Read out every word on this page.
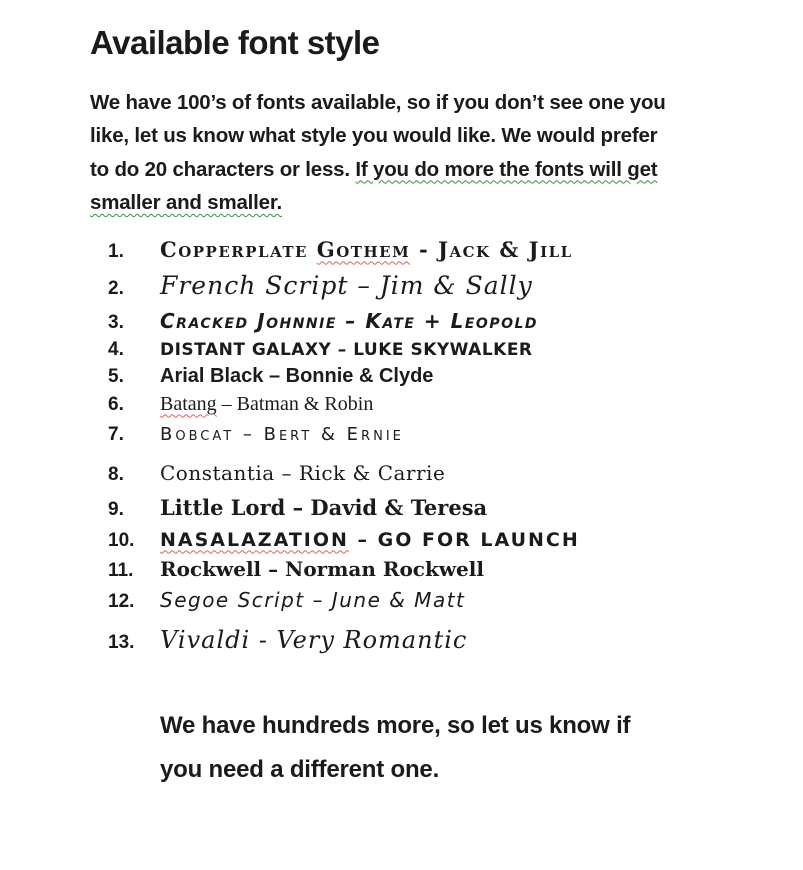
Available font style
We have 100’s of fonts available, so if you don’t see one you
like, let us know what style you would like. We would prefer
to do 20 characters or less. If you do more the fonts will get
smaller and smaller.
1.	Copperplate Gothem - Jack & Jill
2.	French Script – Jim & Sally
3.	Cracked Johnnie – Kate + Leopold
4.	DISTANT GALAXY – LUKE SKYWALKER
5.	Arial Black – Bonnie & Clyde
6.	Batang – Batman & Robin
7.	Bobcat – Bert & Ernie
8.	Constantia – Rick & Carrie
9.	Little Lord – David & Teresa
10.	NASALAZATION – GO FOR LAUNCH
11.	Rockwell – Norman Rockwell
12.	Segoe Script – June & Matt
13.	Vivaldi - Very Romantic
We have hundreds more, so let us know if
you need a different one.
